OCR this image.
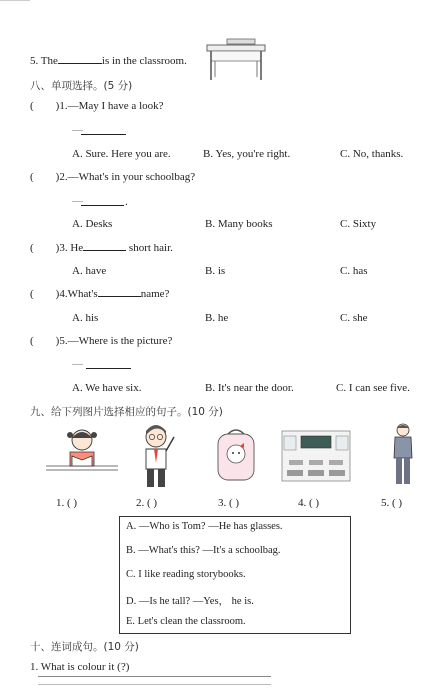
5. The	is in the classroom.
八、单项选择。(5 分)
( )1.—May I have a look?
—
A. Sure. Here you are.	B. Yes, you're right.	C. No, thanks.
( )2.—What's in your schoolbag?
—	.
A. Desks	B. Many books	C. Sixty
( )3. He	short hair.
A. have	B. is	C. has
( )4.What's	name?
A. his	B. he	C. she
( )5.—Where is the picture?
—
A. We have six.	B. It's near the door.	C. I can see five.
九、给下列图片选择相应的句子。(10 分)
1. ( )	2. ( )	3. ( )	4. ( )	5. ( )
A. —Who is Tom? —He has glasses.
B. —What's this? —It's a schoolbag.
C. I like reading storybooks.
D. —Is he tall? —Yes， he is.
E. Let's clean the classroom.
十、连词成句。(10 分)
1. What is colour it (?)
